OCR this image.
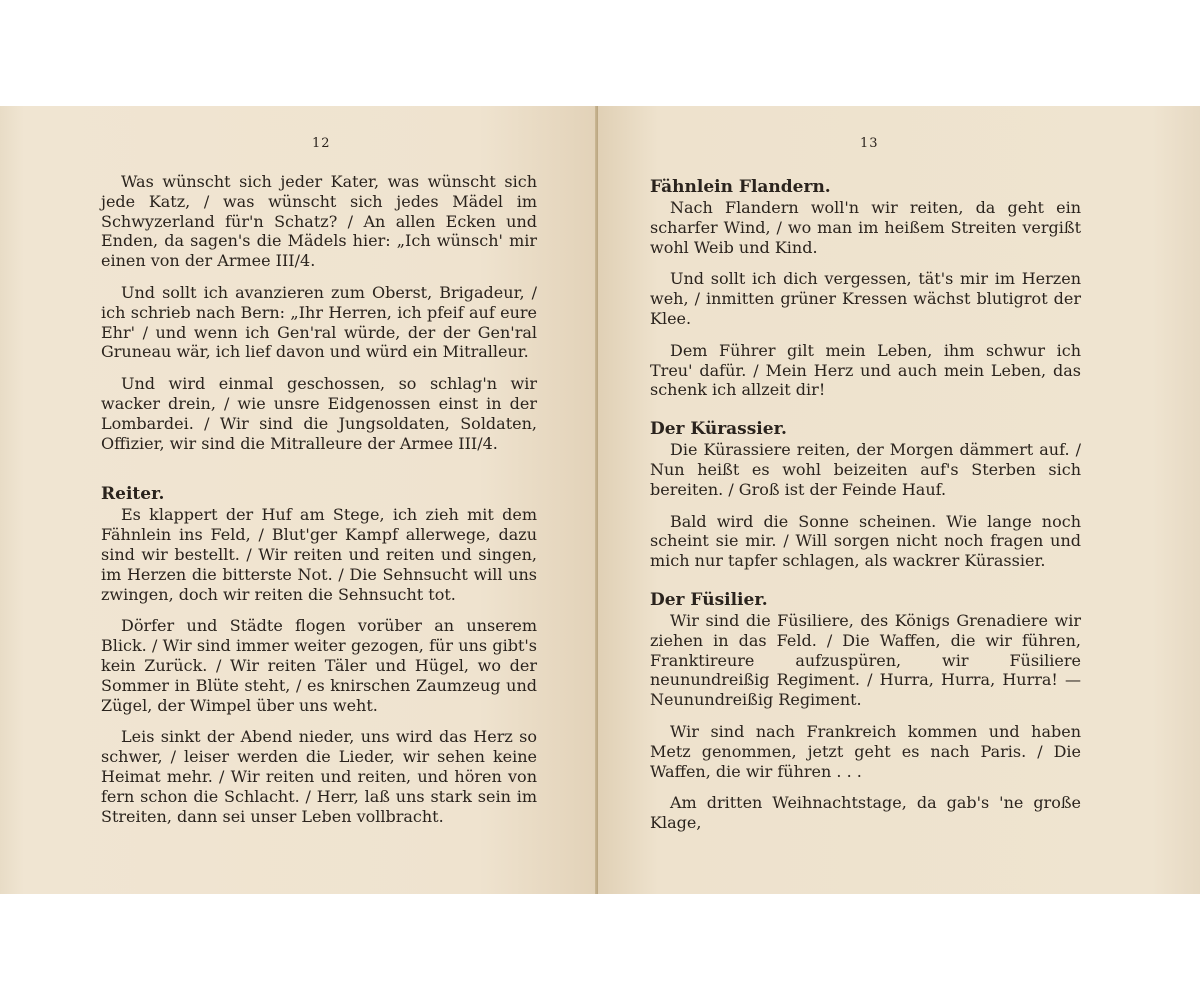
12

Was wünscht sich jeder Kater, was wünscht sich jede Katz, / was wünscht sich jedes Mädel im Schwyzerland für'n Schatz? / An allen Ecken und Enden, da sagen's die Mädels hier: „Ich wünsch' mir einen von der Armee III/4.

Und sollt ich avanzieren zum Oberst, Brigadeur, / ich schrieb nach Bern: „Ihr Herren, ich pfeif auf eure Ehr' / und wenn ich Gen'ral würde, der der Gen'ral Gruneau wär, ich lief davon und würd ein Mitralleur.

Und wird einmal geschossen, so schlag'n wir wacker drein, / wie unsre Eidgenossen einst in der Lombardei. / Wir sind die Jungsoldaten, Soldaten, Offizier, wir sind die Mitralleure der Armee III/4.

Reiter.

Es klappert der Huf am Stege, ich zieh mit dem Fähnlein ins Feld, / Blut'ger Kampf allerwege, dazu sind wir bestellt. / Wir reiten und reiten und singen, im Herzen die bitterste Not. / Die Sehnsucht will uns zwingen, doch wir reiten die Sehnsucht tot.

Dörfer und Städte flogen vorüber an unserem Blick. / Wir sind immer weiter gezogen, für uns gibt's kein Zurück. / Wir reiten Täler und Hügel, wo der Sommer in Blüte steht, / es knirschen Zaumzeug und Zügel, der Wimpel über uns weht.

Leis sinkt der Abend nieder, uns wird das Herz so schwer, / leiser werden die Lieder, wir sehen keine Heimat mehr. / Wir reiten und reiten, und hören von fern schon die Schlacht. / Herr, laß uns stark sein im Streiten, dann sei unser Leben vollbracht.

13
Fähnlein Flandern.

Nach Flandern woll'n wir reiten, da geht ein scharfer Wind, / wo man im heißem Streiten vergißt wohl Weib und Kind.

Und sollt ich dich vergessen, tät's mir im Herzen weh, / inmitten grüner Kressen wächst blutigrot der Klee.

Dem Führer gilt mein Leben, ihm schwur ich Treu' dafür. / Mein Herz und auch mein Leben, das schenk ich allzeit dir!

Der Kürassier.

Die Kürassiere reiten, der Morgen dämmert auf. / Nun heißt es wohl beizeiten auf's Sterben sich bereiten. / Groß ist der Feinde Hauf.

Bald wird die Sonne scheinen. Wie lange noch scheint sie mir. / Will sorgen nicht noch fragen und mich nur tapfer schlagen, als wackrer Kürassier.

Der Füsilier.

Wir sind die Füsiliere, des Königs Grenadiere wir ziehen in das Feld. / Die Waffen, die wir führen, Franktireure aufzuspüren, wir Füsiliere neunundreißig Regiment. / Hurra, Hurra, Hurra! — Neunundreißig Regiment.

Wir sind nach Frankreich kommen und haben Metz genommen, jetzt geht es nach Paris. / Die Waffen, die wir führen . . .

Am dritten Weihnachtstage, da gab's 'ne große Klage,
